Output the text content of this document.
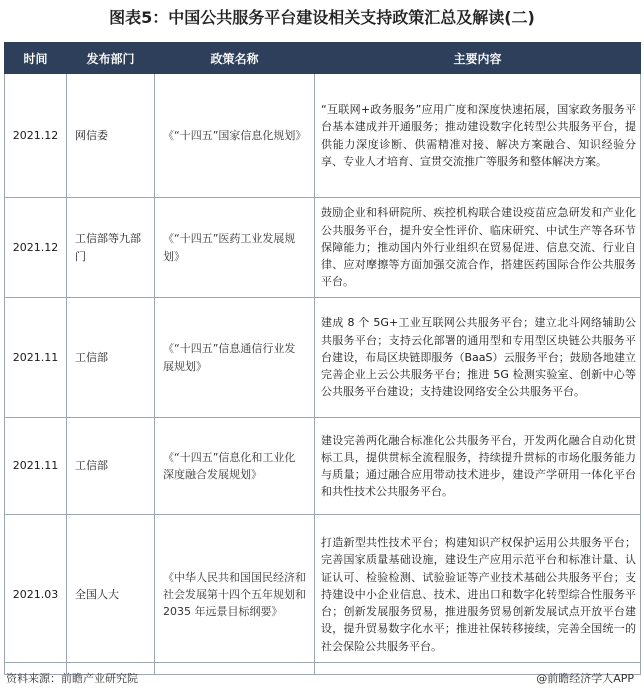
图表5：中国公共服务平台建设相关支持政策汇总及解读(二)
​
时间	发布部门	政策名称	主要内容
2021.12	网信委	《“十四五”国家信息化规划》	“互联网+政务服务”应用广度和深度快速拓展，国家政务服务平台基本建成并开通服务；推动建设数字化转型公共服务平台，提供能力深度诊断、供需精准对接、解决方案融合、知识经验分享、专业人才培育、宣贯交流推广等服务和整体解决方案。
2021.12	工信部等九部门	《“十四五”医药工业发展规划》	鼓励企业和科研院所、疾控机构联合建设疫苗应急研发和产业化公共服务平台，提升安全性评价、临床研究、中试生产等各环节保障能力；推动国内外行业组织在贸易促进、信息交流、行业自律、应对摩擦等方面加强交流合作，搭建医药国际合作公共服务平台。
2021.11	工信部	《“十四五”信息通信行业发展规划》	建成 8 个 5G+工业互联网公共服务平台；建立北斗网络辅助公共服务平台；支持云化部署的通用型和专用型区块链公共服务平台建设，布局区块链即服务（BaaS）云服务平台；鼓励各地建立完善企业上云公共服务平台；推进 5G 检测实验室、创新中心等公共服务平台建设；支持建设网络安全公共服务平台。
2021.11	工信部	《“十四五”信息化和工业化深度融合发展规划》	建设完善两化融合标准化公共服务平台，开发两化融合自动化贯标工具，提供贯标全流程服务，持续提升贯标的市场化服务能力与质量；通过融合应用带动技术进步，建设产学研用一体化平台和共性技术公共服务平台。
2021.03	全国人大	《中华人民共和国国民经济和社会发展第十四个五年规划和 2035 年远景目标纲要》	打造新型共性技术平台；构建知识产权保护运用公共服务平台；完善国家质量基础设施，建设生产应用示范平台和标准计量、认证认可、检验检测、试验验证等产业技术基础公共服务平台；支持建设中小企业信息、技术、进出口和数字化转型综合性服务平台；创新发展服务贸易，推进服务贸易创新发展试点开放平台建设，提升贸易数字化水平；推进社保转移接续，完善全国统一的社会保险公共服务平台。
资料来源：前瞻产业研究院	@前瞻经济学人APP
